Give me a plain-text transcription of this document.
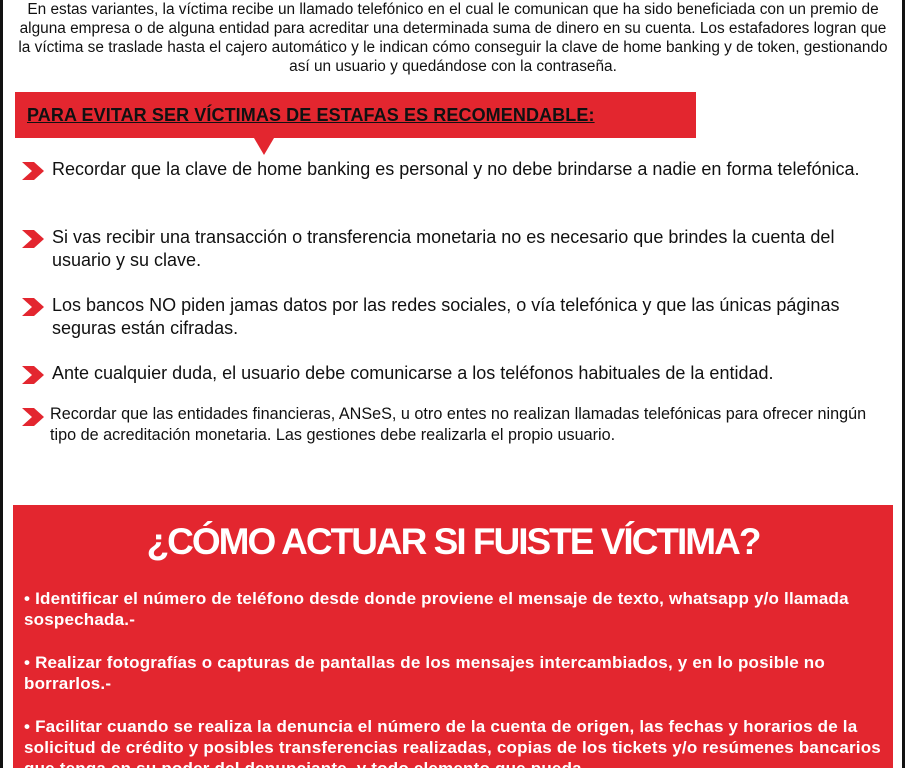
En estas variantes, la víctima recibe un llamado telefónico en el cual le comunican que ha sido beneficiada con un premio de alguna empresa o de alguna entidad para acreditar una determinada suma de dinero en su cuenta. Los estafadores logran que la víctima se traslade hasta el cajero automático y le indican cómo conseguir la clave de home banking y de token, gestionando así un usuario y quedándose con la contraseña.

PARA EVITAR SER VÍCTIMAS DE ESTAFAS ES RECOMENDABLE:
Recordar que la clave de home banking es personal y no debe brindarse a nadie en forma telefónica.
Si vas recibir una transacción o transferencia monetaria no es necesario que brindes la cuenta del usuario y su clave.
Los bancos NO piden jamas datos por las redes sociales, o vía telefónica y que las únicas páginas seguras están cifradas.
Ante cualquier duda, el usuario debe comunicarse a los teléfonos habituales de la entidad.
Recordar que las entidades financieras, ANSeS, u otro entes no realizan llamadas telefónicas para ofrecer ningún tipo de acreditación monetaria. Las gestiones debe realizarla el propio usuario.
¿CÓMO ACTUAR SI FUISTE VÍCTIMA?
• Identificar el número de teléfono desde donde proviene el mensaje de texto, whatsapp y/o llamada sospechada.-
• Realizar fotografías o capturas de pantallas de los mensajes intercambiados, y en lo posible no borrarlos.-
• Facilitar cuando se realiza la denuncia el número de la cuenta de origen, las fechas y horarios de la solicitud de crédito y posibles transferencias realizadas, copias de los tickets y/o resúmenes bancarios que tenga en su poder del denunciante, y todo elemento que pueda
